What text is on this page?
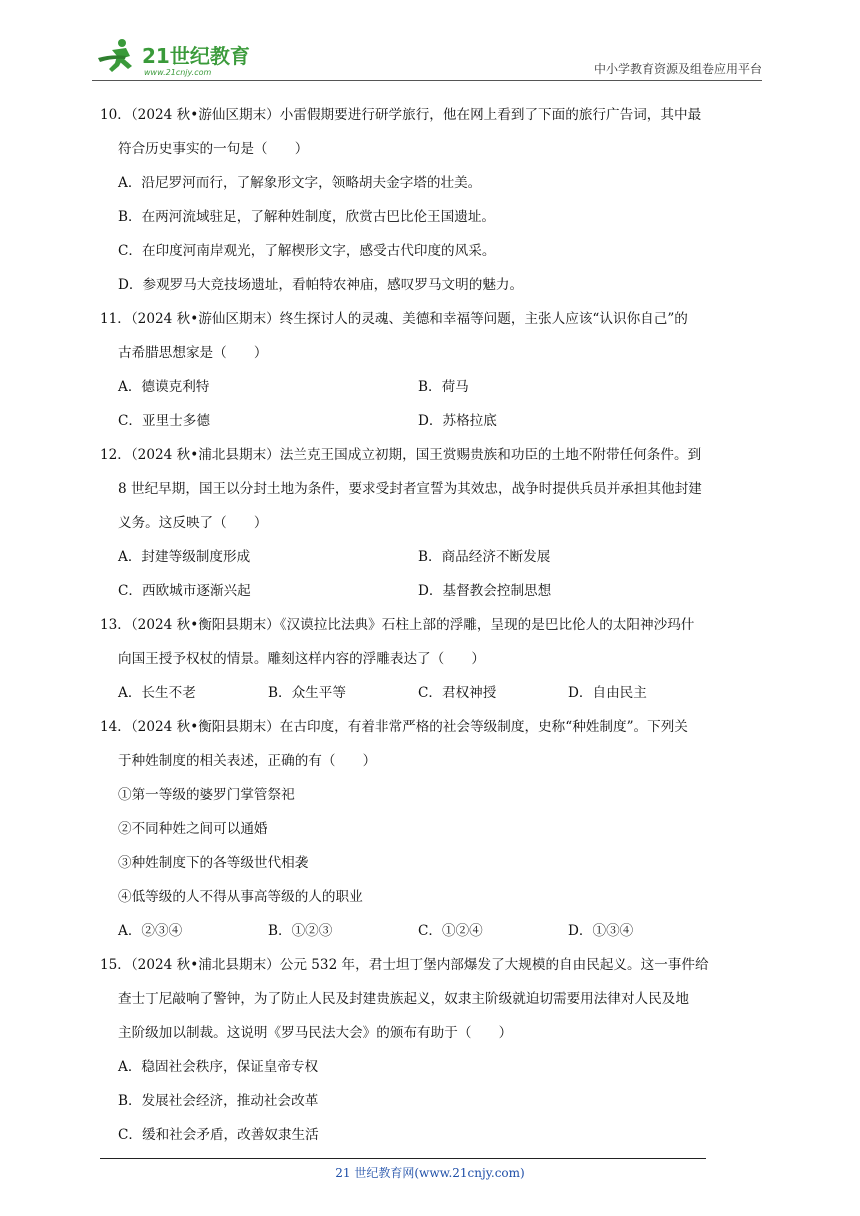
21世纪教育
www.21cnjy.com	中小学教育资源及组卷应用平台
10．（2024 秋•游仙区期末）小雷假期要进行研学旅行，他在网上看到了下面的旅行广告词，其中最
符合历史事实的一句是（　　）
A．沿尼罗河而行，了解象形文字，领略胡夫金字塔的壮美。
B．在两河流域驻足，了解种姓制度，欣赏古巴比伦王国遗址。
C．在印度河南岸观光，了解楔形文字，感受古代印度的风采。
D．参观罗马大竞技场遗址，看帕特农神庙，感叹罗马文明的魅力。
11．（2024 秋•游仙区期末）终生探讨人的灵魂、美德和幸福等问题，主张人应该“认识你自己”的
古希腊思想家是（　　）
A．德谟克利特	B．荷马
C．亚里士多德	D．苏格拉底
12．（2024 秋•浦北县期末）法兰克王国成立初期，国王赏赐贵族和功臣的土地不附带任何条件。到
8 世纪早期，国王以分封土地为条件，要求受封者宣誓为其效忠，战争时提供兵员并承担其他封建
义务。这反映了（　　）
A．封建等级制度形成	B．商品经济不断发展
C．西欧城市逐渐兴起	D．基督教会控制思想
13．（2024 秋•衡阳县期末）《汉谟拉比法典》石柱上部的浮雕，呈现的是巴比伦人的太阳神沙玛什
向国王授予权杖的情景。雕刻这样内容的浮雕表达了（　　）
A．长生不老	B．众生平等	C．君权神授	D．自由民主
14．（2024 秋•衡阳县期末）在古印度，有着非常严格的社会等级制度，史称“种姓制度”。下列关
于种姓制度的相关表述，正确的有（　　）
①第一等级的婆罗门掌管祭祀
②不同种姓之间可以通婚
③种姓制度下的各等级世代相袭
④低等级的人不得从事高等级的人的职业
A．②③④	B．①②③	C．①②④	D．①③④
15．（2024 秋•浦北县期末）公元 532 年，君士坦丁堡内部爆发了大规模的自由民起义。这一事件给
查士丁尼敲响了警钟，为了防止人民及封建贵族起义，奴隶主阶级就迫切需要用法律对人民及地
主阶级加以制裁。这说明《罗马民法大会》的颁布有助于（　　）
A．稳固社会秩序，保证皇帝专权
B．发展社会经济，推动社会改革
C．缓和社会矛盾，改善奴隶生活
21 世纪教育网(www.21cnjy.com)
